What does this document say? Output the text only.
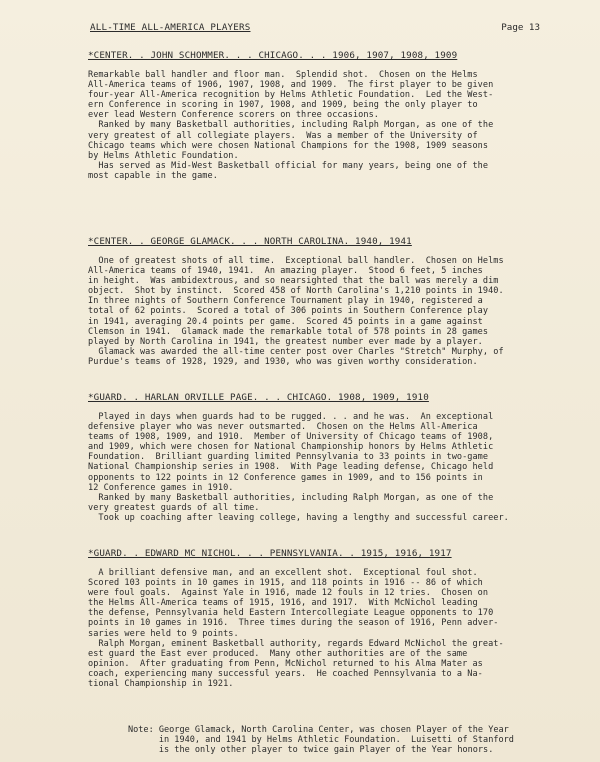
ALL-TIME ALL-AMERICA PLAYERS	Page 13
*CENTER. . JOHN SCHOMMER. . . CHICAGO. . . 1906, 1907, 1908, 1909

Remarkable ball handler and floor man.  Splendid shot.  Chosen on the Helms
All-America teams of 1906, 1907, 1908, and 1909.  The first player to be given
four-year All-America recognition by Helms Athletic Foundation.  Led the West-
ern Conference in scoring in 1907, 1908, and 1909, being the only player to
ever lead Western Conference scorers on three occasions.
Ranked by many Basketball authorities, including Ralph Morgan, as one of the
very greatest of all collegiate players.  Was a member of the University of
Chicago teams which were chosen National Champions for the 1908, 1909 seasons
by Helms Athletic Foundation.
Has served as Mid-West Basketball official for many years, being one of the
most capable in the game.

*CENTER. . GEORGE GLAMACK. . . NORTH CAROLINA. 1940, 1941

One of greatest shots of all time.  Exceptional ball handler.  Chosen on Helms
All-America teams of 1940, 1941.  An amazing player.  Stood 6 feet, 5 inches
in height.  Was ambidextrous, and so nearsighted that the ball was merely a dim
object.  Shot by instinct.  Scored 458 of North Carolina's 1,210 points in 1940.
In three nights of Southern Conference Tournament play in 1940, registered a
total of 62 points.  Scored a total of 306 points in Southern Conference play
in 1941, averaging 20.4 points per game.  Scored 45 points in a game against
Clemson in 1941.  Glamack made the remarkable total of 578 points in 28 games
played by North Carolina in 1941, the greatest number ever made by a player.
Glamack was awarded the all-time center post over Charles "Stretch" Murphy, of
Purdue's teams of 1928, 1929, and 1930, who was given worthy consideration.

*GUARD. . HARLAN ORVILLE PAGE. . . CHICAGO. 1908, 1909, 1910

Played in days when guards had to be rugged. . . and he was.  An exceptional
defensive player who was never outsmarted.  Chosen on the Helms All-America
teams of 1908, 1909, and 1910.  Member of University of Chicago teams of 1908,
and 1909, which were chosen for National Championship honors by Helms Athletic
Foundation.  Brilliant guarding limited Pennsylvania to 33 points in two-game
National Championship series in 1908.  With Page leading defense, Chicago held
opponents to 122 points in 12 Conference games in 1909, and to 156 points in
12 Conference games in 1910.
Ranked by many Basketball authorities, including Ralph Morgan, as one of the
very greatest guards of all time.
Took up coaching after leaving college, having a lengthy and successful career.

*GUARD. . EDWARD MC NICHOL. . . PENNSYLVANIA. . 1915, 1916, 1917

A brilliant defensive man, and an excellent shot.  Exceptional foul shot.
Scored 103 points in 10 games in 1915, and 118 points in 1916 -- 86 of which
were foul goals.  Against Yale in 1916, made 12 fouls in 12 tries.  Chosen on
the Helms All-America teams of 1915, 1916, and 1917.  With McNichol leading
the defense, Pennsylvania held Eastern Intercollegiate League opponents to 170
points in 10 games in 1916.  Three times during the season of 1916, Penn adver-
saries were held to 9 points.
Ralph Morgan, eminent Basketball authority, regards Edward McNichol the great-
est guard the East ever produced.  Many other authorities are of the same
opinion.  After graduating from Penn, McNichol returned to his Alma Mater as
coach, experiencing many successful years.  He coached Pennsylvania to a Na-
tional Championship in 1921.

Note: George Glamack, North Carolina Center, was chosen Player of the Year
in 1940, and 1941 by Helms Athletic Foundation.  Luisetti of Stanford
is the only other player to twice gain Player of the Year honors.
